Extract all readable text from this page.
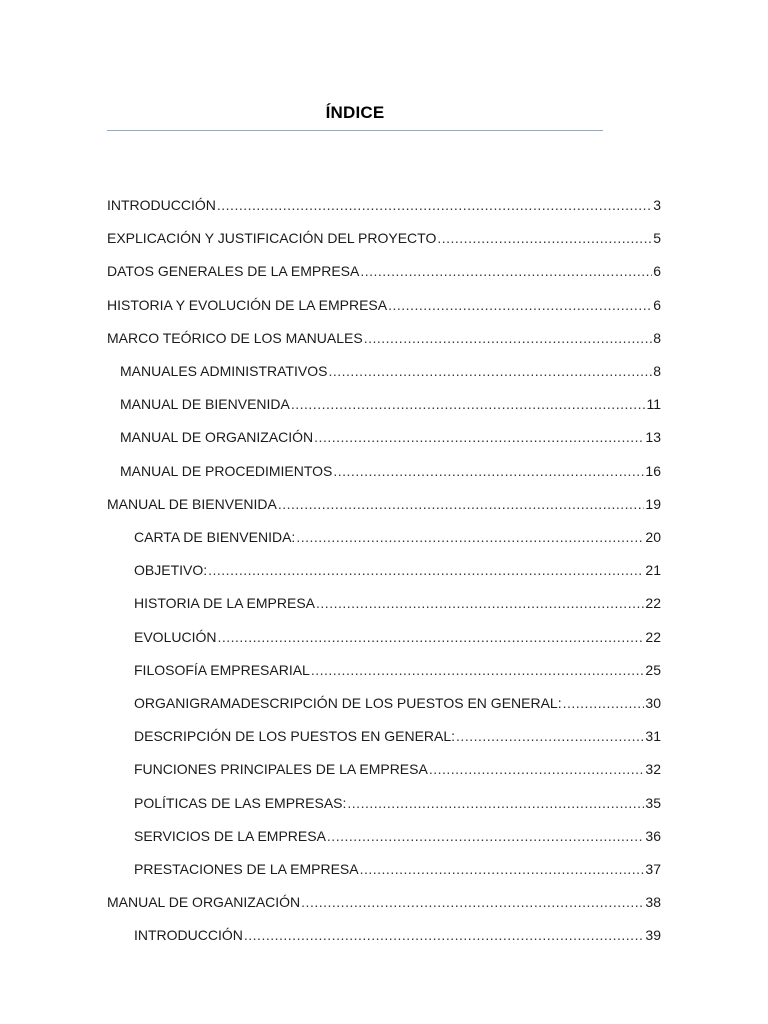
ÍNDICE
INTRODUCCIÓN .....	3
EXPLICACIÓN Y JUSTIFICACIÓN DEL PROYECTO .....	5
DATOS GENERALES DE LA EMPRESA .....	6
HISTORIA Y EVOLUCIÓN DE LA EMPRESA .....	6
MARCO TEÓRICO DE LOS MANUALES .....	8
MANUALES ADMINISTRATIVOS .....	8
MANUAL DE BIENVENIDA .....	11
MANUAL DE ORGANIZACIÓN .....	13
MANUAL DE PROCEDIMIENTOS .....	16
MANUAL DE BIENVENIDA .....	19
CARTA DE BIENVENIDA: .....	20
OBJETIVO: .....	21
HISTORIA DE LA EMPRESA .....	22
EVOLUCIÓN .....	22
FILOSOFÍA EMPRESARIAL .....	25
ORGANIGRAMADESCRIPCIÓN DE LOS PUESTOS EN GENERAL: .....	30
DESCRIPCIÓN DE LOS PUESTOS EN GENERAL: .....	31
FUNCIONES PRINCIPALES DE LA EMPRESA .....	32
POLÍTICAS DE LAS EMPRESAS: .....	35
SERVICIOS DE LA EMPRESA .....	36
PRESTACIONES DE LA EMPRESA .....	37
MANUAL DE ORGANIZACIÓN .....	38
INTRODUCCIÓN .....	39
